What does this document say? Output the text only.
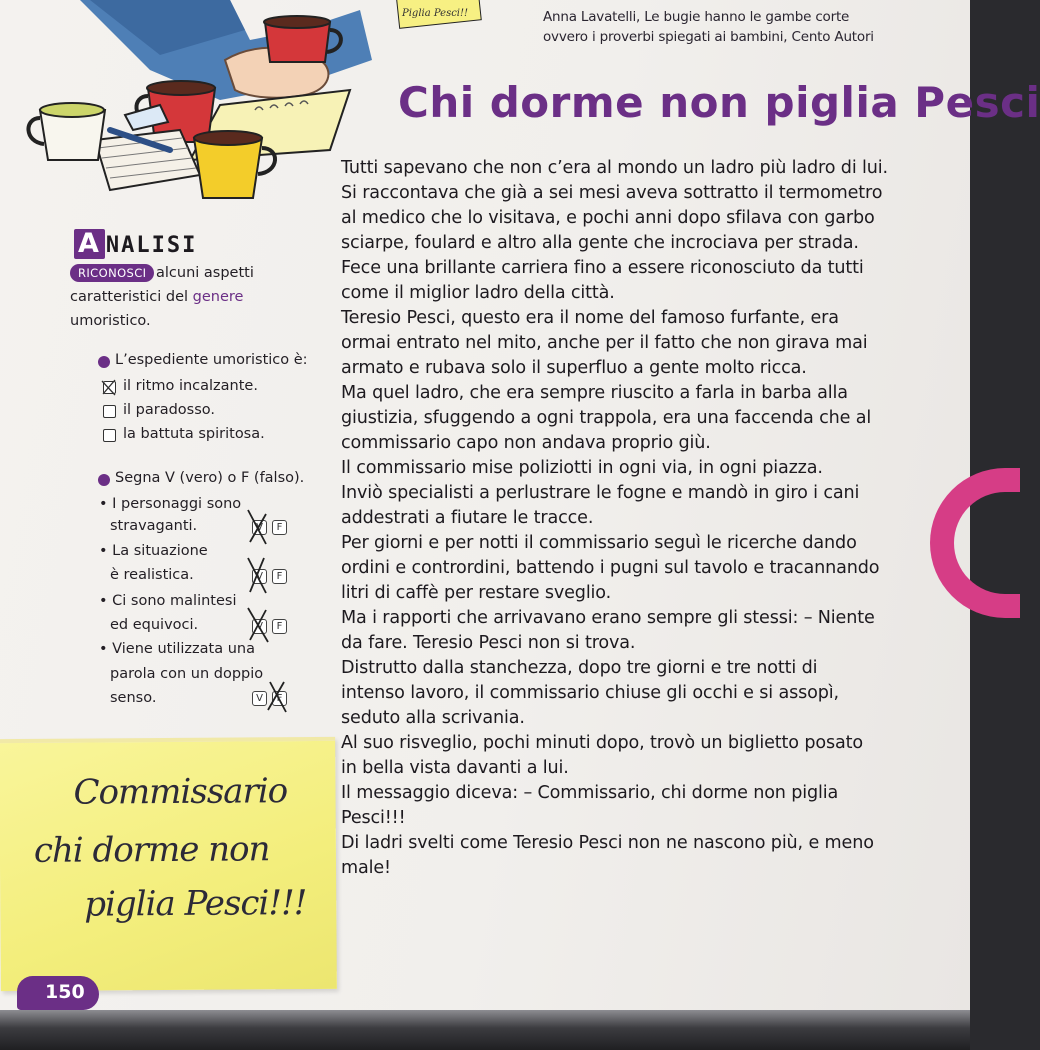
Piglia Pesci!!	Anna Lavatelli, Le bugie hanno le gambe corte
ovvero i proverbi spiegati ai bambini, Cento Autori
Chi dorme non piglia Pesci
Tutti sapevano che non c’era al mondo un ladro più ladro di lui.
Si raccontava che già a sei mesi aveva sottratto il termometro
al medico che lo visitava, e pochi anni dopo sfilava con garbo
sciarpe, foulard e altro alla gente che incrociava per strada.
Fece una brillante carriera fino a essere riconosciuto da tutti
come il miglior ladro della città.
Teresio Pesci, questo era il nome del famoso furfante, era
ormai entrato nel mito, anche per il fatto che non girava mai
armato e rubava solo il superfluo a gente molto ricca.
Ma quel ladro, che era sempre riuscito a farla in barba alla
giustizia, sfuggendo a ogni trappola, era una faccenda che al
commissario capo non andava proprio giù.
Il commissario mise poliziotti in ogni via, in ogni piazza.
Inviò specialisti a perlustrare le fogne e mandò in giro i cani
addestrati a fiutare le tracce.
Per giorni e per notti il commissario seguì le ricerche dando
ordini e contrordini, battendo i pugni sul tavolo e tracannando
litri di caffè per restare sveglio.
Ma i rapporti che arrivavano erano sempre gli stessi: – Niente
da fare. Teresio Pesci non si trova.
Distrutto dalla stanchezza, dopo tre giorni e tre notti di
intenso lavoro, il commissario chiuse gli occhi e si assopì,
seduto alla scrivania.
Al suo risveglio, pochi minuti dopo, trovò un biglietto posato
in bella vista davanti a lui.
Il messaggio diceva: – Commissario, chi dorme non piglia
Pesci!!!
Di ladri svelti come Teresio Pesci non ne nascono più, e meno
male!
A NALISI
RICONOSCI alcuni aspetti
caratteristici del genere
umoristico.
L’espediente umoristico è:
il ritmo incalzante.
il paradosso.
la battuta spiritosa.
Segna V (vero) o F (falso).
• I personaggi sono
stravaganti.	V	F
• La situazione
è realistica.	V	F
• Ci sono malintesi
ed equivoci.	V	F
• Viene utilizzata una
parola con un doppio
senso.	V	F
Commissario
chi dorme non
piglia Pesci!!!
150
